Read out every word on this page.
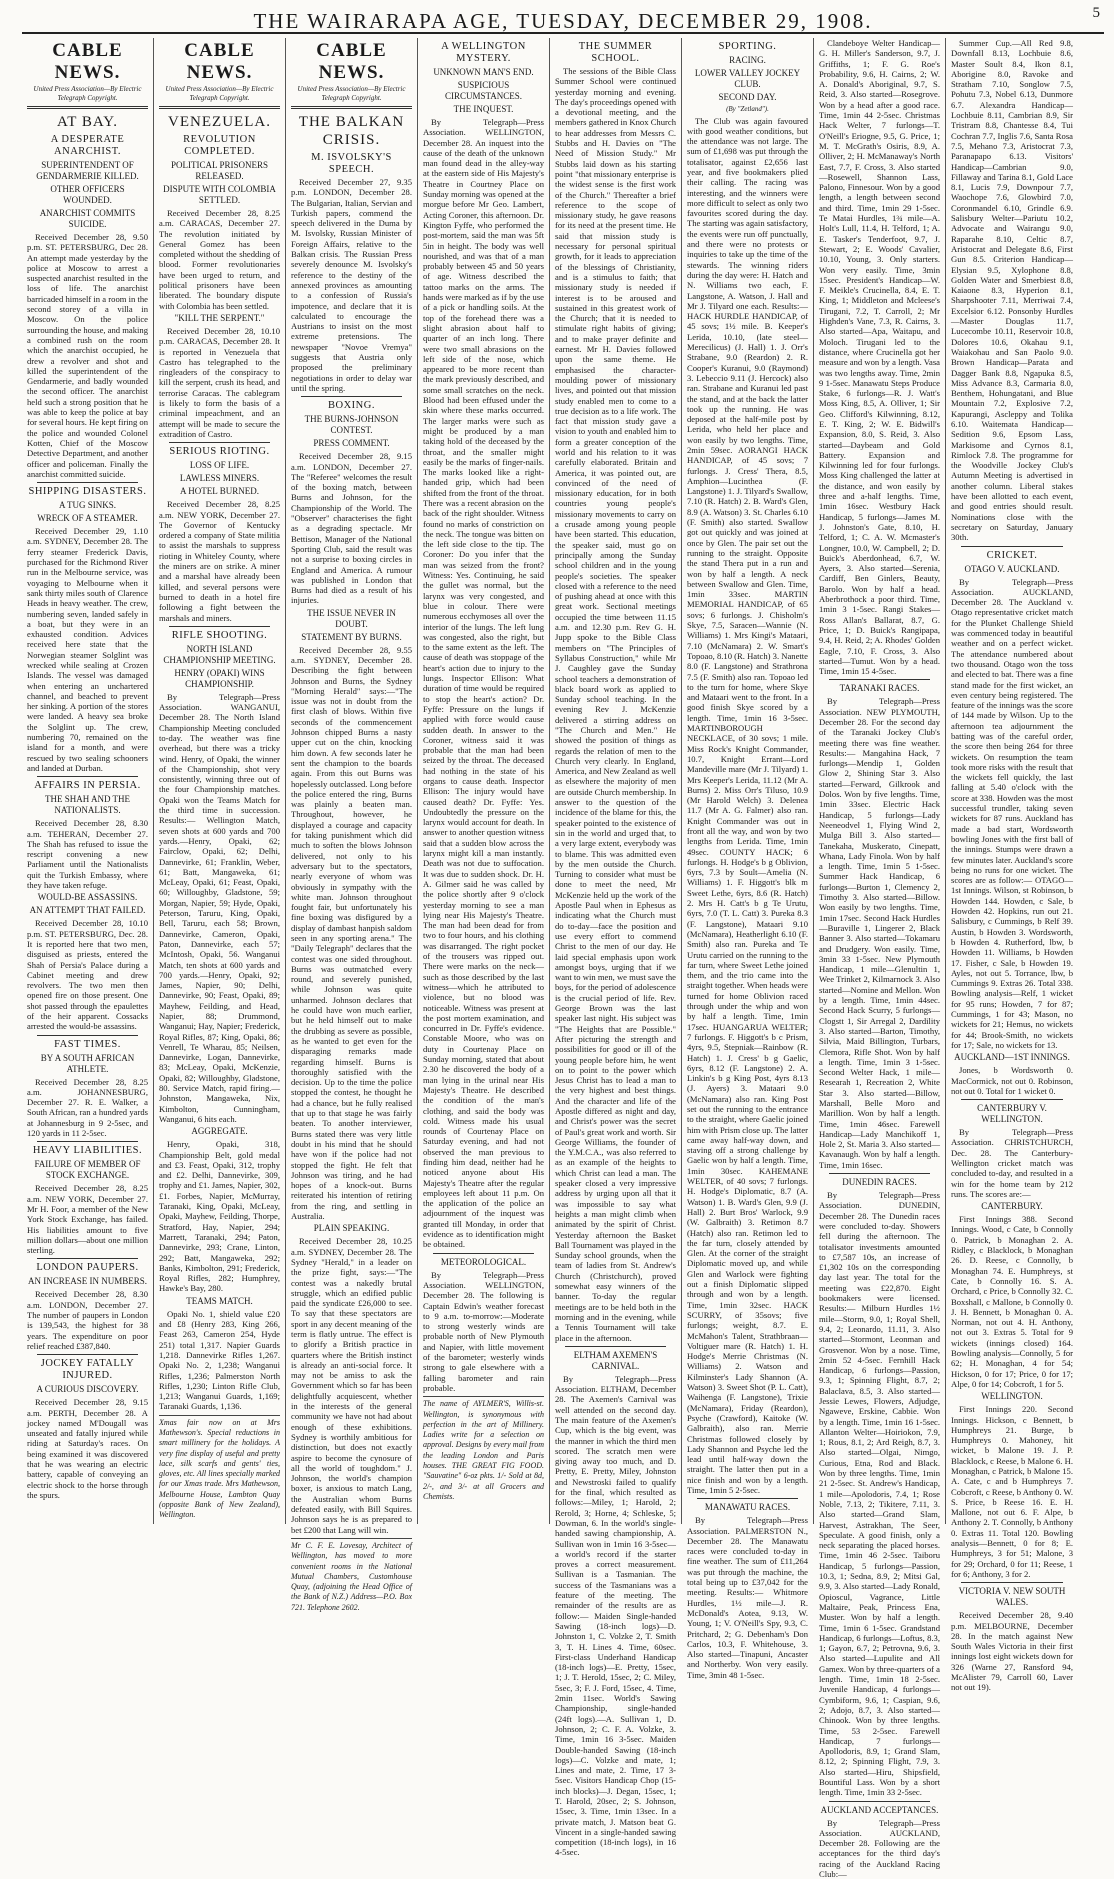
THE WAIRARAPA AGE, TUESDAY, DECEMBER 29, 1908.	5
CABLE NEWS.
United Press Association—By Electric Telegraph Copyright.
AT BAY.
A DESPERATE ANARCHIST.
SUPERINTENDENT OF GENDARMERIE KILLED.
OTHER OFFICERS WOUNDED.
ANARCHIST COMMITS SUICIDE.

Received December 28, 9.50 p.m. ST. PETERSBURG, Dec 28. An attempt made yesterday by the police at Moscow to arrest a suspected anarchist resulted in the loss of life. The anarchist barricaded himself in a room in the second storey of a villa in Moscow. On the police surrounding the house, and making a combined rush on the room which the anarchist occupied, he drew a revolver and shot and killed the superintendent of the Gendarmerie, and badly wounded the second officer. The anarchist held such a strong position that he was able to keep the police at bay for several hours. He kept firing on the police and wounded Colonel Kotten, Chief of the Moscow Detective Department, and another officer and policeman. Finally the anarchist committed suicide.

SHIPPING DISASTERS.
A TUG SINKS.
WRECK OF A STEAMER.

Received December 29, 1.10 a.m. SYDNEY, December 28. The ferry steamer Frederick Davis, purchased for the Richmond River run in the Melbourne service, was voyaging to Melbourne when it sank thirty miles south of Clarence Heads in heavy weather. The crew, numbering seven, landed safely in a boat, but they were in an exhausted condition. Advices received here state that the Norwegian steamer Solglint was wrecked while sealing at Crozen Islands. The vessel was damaged when entering an unchartered channel, and beached to prevent her sinking. A portion of the stores were landed. A heavy sea broke the Solglint up. The crew, numbering 70, remained on the island for a month, and were rescued by two sealing schooners and landed at Durban.

AFFAIRS IN PERSIA.
THE SHAH AND THE NATIONALISTS.

Received December 28, 8.30 a.m. TEHERAN, December 27. The Shah has refused to issue the rescript convening a new Parliament until the Nationalists quit the Turkish Embassy, where they have taken refuge.

WOULD-BE ASSASSINS.
AN ATTEMPT THAT FAILED.

Received December 28, 10.10 p.m. ST. PETERSBURG, Dec. 28. It is reported here that two men, disguised as priests, entered the Shah of Persia's Palace during a Cabinet meeting and drew revolvers. The two men then opened fire on those present. One shot passed through the epaulettes of the heir apparent. Cossacks arrested the would-be assassins.

FAST TIMES.
BY A SOUTH AFRICAN ATHLETE.

Received December 28, 8.25 a.m. JOHANNESBURG, December 27. R. E. Walker, a South African, ran a hundred yards at Johannesburg in 9 2-5sec, and 120 yards in 11 2-5sec.

HEAVY LIABILITIES.
FAILURE OF MEMBER OF STOCK EXCHANGE.

Received December 28, 8.25 a.m. NEW YORK, December 27. Mr H. Foor, a member of the New York Stock Exchange, has failed. His liabilities amount to five million dollars—about one million sterling.

LONDON PAUPERS.
AN INCREASE IN NUMBERS.

Received December 28, 8.30 a.m. LONDON, December 27. The number of paupers in London is 139,543, the highest for 38 years. The expenditure on poor relief reached £387,840.

JOCKEY FATALLY INJURED.
A CURIOUS DISCOVERY.

Received December 28, 9.15 a.m. PERTH, December 28. A jockey named M'Dougall was unseated and fatally injured while riding at Saturday's races. On being examined it was discovered that he was wearing an electric battery, capable of conveying an electric shock to the horse through the spurs.

CABLE NEWS.
United Press Association—By Electric Telegraph Copyright.
VENEZUELA.
REVOLUTION COMPLETED.
POLITICAL PRISONERS RELEASED.
DISPUTE WITH COLOMBIA SETTLED.

Received December 28, 8.25 a.m. CARACAS, December 27. The revolution initiated by General Gomez has been completed without the shedding of blood. Former revolutionaries have been urged to return, and political prisoners have been liberated. The boundary dispute with Colombia has been settled.

"KILL THE SERPENT."

Received December 28, 10.10 p.m. CARACAS, December 28. It is reported in Venezuela that Castro has telegraphed to the ringleaders of the conspiracy to kill the serpent, crush its head, and terrorise Caracas. The cablegram is likely to form the basis of a criminal impeachment, and an attempt will be made to secure the extradition of Castro.

SERIOUS RIOTING.
LOSS OF LIFE.
LAWLESS MINERS.
A HOTEL BURNED.

Received December 28, 8.25 a.m. NEW YORK, December 27. The Governor of Kentucky ordered a company of State militia to assist the marshals to suppress rioting in Whiteley County, where the miners are on strike. A miner and a marshal have already been killed, and several persons were burned to death in a hotel fire following a fight between the marshals and miners.

RIFLE SHOOTING.
NORTH ISLAND CHAMPIONSHIP MEETING.
HENRY (OPAKI) WINS CHAMPIONSHIP.

By Telegraph—Press Association. WANGANUI, December 28. The North Island Championship Meeting concluded to-day. The weather was fine overhead, but there was a tricky wind. Henry, of Opaki, the winner of the Championship, shot very consistently, winning three out of the four Championship matches. Opaki won the Teams Match for the third time in succession. Results:— Wellington Match, seven shots at 600 yards and 700 yards.—Henry, Opaki, 62; Fairclow, Opaki, 62; Delhi, Dannevirke, 61; Franklin, Weber, 61; Batt, Mangaweka, 61; McLeay, Opaki, 61; Feast, Opaki, 60; Willoughby, Gladstone, 59; Morgan, Napier, 59; Hyde, Opaki, Peterson, Taruru, King, Opaki, Bell, Taruru, each 58; Brown, Dannevirke, Cameron, Opaki, Paton, Dannevirke, each 57; McIntosh, Opaki, 56. Wanganui Match, ten shots at 600 yards and 700 yards.—Henry, Opaki, 92; James, Napier, 90; Delhi, Dannevirke, 90; Feast, Opaki, 89; Mayhew, Feilding, and Head, Napier, 88; Drummond, Wanganui; Hay, Napier; Frederick, Royal Rifles, 87; King, Opaki, 86; Venrell, Te Wharau, 85; Neilsen, Dannevirke, Logan, Dannevirke, 83; McLeay, Opaki, McKenzie, Opaki, 82; Willoughby, Gladstone, 80. Service Match, rapid firing.—Johnston, Mangaweka, Nix, Kimbolton, Cunningham, Wanganui, 6 hits each.

AGGREGATE.

Henry, Opaki, 318, Championship Belt, gold medal and £3. Feast, Opaki, 312, trophy and £2. Delhi, Dannevirke, 309, trophy and £1. James, Napier, 302, £1. Forbes, Napier, McMurray, Taranaki, King, Opaki, McLeay, Opaki, Mayhew, Feilding, Thorpe, Stratford, Hay, Napier, 294; Marrett, Taranaki, 294; Paton, Dannevirke, 293; Crane, Linton, 292; Batt, Mangaweka, 292; Banks, Kimbolton, 291; Frederick, Royal Rifles, 282; Humphrey, Hawke's Bay, 280.

TEAMS MATCH.

Opaki No. 1, shield value £20 and £8 (Henry 283, King 266, Feast 263, Cameron 254, Hyde 251) total 1,317. Napier Guards 1,218. Dannevirke Rifles 1,267. Opaki No. 2, 1,238; Wanganui Rifles, 1,236; Palmerston North Rifles, 1,230; Linton Rifle Club, 1,213; Wanganui Guards, 1,169; Taranaki Guards, 1,136.

Xmas fair now on at Mrs Mathewson's. Special reductions in smart millinery for the holidays. A very fine display of useful and pretty lace, silk scarfs and gents' ties, gloves, etc. All lines specially marked for our Xmas trade. Mrs Mathewson, Melbourne House, Lambton Quay (opposite Bank of New Zealand), Wellington.
CABLE NEWS.
United Press Association—By Electric Telegraph Copyright.
THE BALKAN CRISIS.
M. ISVOLSKY'S SPEECH.

Received December 27, 9.35 p.m. LONDON, December 28. The Bulgarian, Italian, Servian and Turkish papers, commend the speech delivered in the Duma by M. Isvolsky, Russian Minister of Foreign Affairs, relative to the Balkan crisis. The Russian Press severely denounce M. Isvolsky's reference to the destiny of the annexed provinces as amounting to a confession of Russia's impotence, and declare that it is calculated to encourage the Austrians to insist on the most extreme pretensions. The newspaper "Novoe Vremya" suggests that Austria only proposed the preliminary negotiations in order to delay war until the spring.

BOXING.
THE BURNS-JOHNSON CONTEST.
PRESS COMMENT.

Received December 28, 9.15 a.m. LONDON, December 27. The "Referee" welcomes the result of the boxing match, between Burns and Johnson, for the Championship of the World. The "Observer" characterises the fight as a degrading spectacle. Mr Bettison, Manager of the National Sporting Club, said the result was not a surprise to boxing circles in England and America. A rumour was published in London that Burns had died as a result of his injuries.

THE ISSUE NEVER IN DOUBT.
STATEMENT BY BURNS.

Received December 28, 9.55 a.m. SYDNEY, December 28. Describing the fight between Johnson and Burns, the Sydney "Morning Herald" says:—"The issue was not in doubt from the first clash of blows. Within five seconds of the commencement Johnson chipped Burns a nasty upper cut on the chin, knocking him down. A few seconds later he sent the champion to the boards again. From this out Burns was hopelessly outclassed. Long before the police entered the ring, Burns was plainly a beaten man. Throughout, however, he displayed a courage and capacity for taking punishment which did much to soften the blows Johnson delivered, not only to his adversary but to the spectators, nearly everyone of whom was obviously in sympathy with the white man. Johnson throughout fought fair, but unfortunately his fine boxing was disfigured by a display of dambast hanpish saldom seen in any sporting arena." The "Daily Telegraph" declares that the contest was one sided throughout. Burns was outmatched every round, and severely punished, while Johnson was quite unharmed. Johnson declares that he could have won much earlier, but he held himself out to make the drubbing as severe as possible, as he wanted to get even for the disparaging remarks made regarding himself. Burns is thoroughly satisfied with the decision. Up to the time the police stopped the contest, he thought he had a chance, but he fully realised that up to that stage he was fairly beaten. To another interviewer, Burns stated there was very little doubt in his mind that he should have won if the police had not stopped the fight. He felt that Johnson was tiring, and he had hopes of a knock-out. Burns reiterated his intention of retiring from the ring, and settling in Australia.

PLAIN SPEAKING.

Received December 28, 10.25 a.m. SYDNEY, December 28. The Sydney "Herald," in a leader on the prize fight, says:—"The contest was a nakedly brutal struggle, which an edified public paid the syndicate £26,000 to see. To say that these spectators are sport in any decent meaning of the term is flatly untrue. The effect is to glorify a British practice in quarters where the British instinct is already an anti-social force. It may not be amiss to ask the Government which so far has been delightfully acquiescent, whether in the interests of the general community we have not had about enough of these exhibitions. Sydney is worthily ambitious for distinction, but does not exactly aspire to become the cynosure of all the world of toughdom." J. Johnson, the world's champion boxer, is anxious to match Lang, the Australian whom Burns defeated easily, with Bill Squires. Johnson says he is as prepared to bet £200 that Lang will win.

Mr C. F. E. Lovesay, Architect of Wellington, has moved to more convenient rooms in the National Mutual Chambers, Customhouse Quay, (adjoining the Head Office of the Bank of N.Z.) Address—P.O. Box 721. Telephone 2602.
A WELLINGTON MYSTERY.
UNKNOWN MAN'S END.
SUSPICIOUS CIRCUMSTANCES.
THE INQUEST.

By Telegraph—Press Association. WELLINGTON, December 28. An inquest into the cause of the death of the unknown man found dead in the alley-way at the eastern side of His Majesty's Theatre in Courtney Place on Sunday morning was opened at the morgue before Mr Geo. Lambert, Acting Coroner, this afternoon. Dr. Kington Fyffe, who performed the post-mortem, said the man was 5ft 5in in height. The body was well nourished, and was that of a man probably between 45 and 50 years of age. Witness described the tattoo marks on the arms. The hands were marked as if by the use of a pick or handling soils. At the top of the forehead there was a slight abrasion about half to quarter of an inch long. There were two small abrasions on the left side of the nose, which appeared to be more recent than the mark previously described, and some small scratches on the neck. Blood had been effused under the skin where these marks occurred. The larger marks were such as might be produced by a man taking hold of the deceased by the throat, and the smaller might easily be the marks of finger-nails. The marks looked like a right-handed grip, which had been shifted from the front of the throat. There was a recent abrasion on the back of the right shoulder. Witness found no marks of constriction on the neck. The tongue was bitten on the left side close to the tip. The Coroner: Do you infer that the man was seized from the front? Witness: Yes. Continuing, he said the gullet was normal, but the larynx was very congested, and blue in colour. There were numerous ecchymoses all over the interior of the lungs. The left lung was congested, also the right, but to the same extent as the left. The cause of death was stoppage of the heart's action due to injury to the lungs. Inspector Ellison: What duration of time would be required to stop the heart's action? Dr. Fyffe: Pressure on the lungs if applied with force would cause sudden death. In answer to the Coroner, witness said it was probable that the man had been seized by the throat. The deceased had nothing in the state of his organs to cause death. Inspector Ellison: The injury would have caused death? Dr. Fyffe: Yes. Undoubtedly the pressure on the larynx would account for death. In answer to another question witness said that a sudden blow across the larynx might kill a man instantly. Death was not due to suffocation. It was due to sudden shock. Dr. H. A. Gilmer said he was called by the police shortly after 9 o'clock yesterday morning to see a man lying near His Majesty's Theatre. The man had been dead for from two to four hours, and his clothing was disarranged. The right pocket of the trousers was ripped out. There were marks on the neck—such as those described by the last witness—which he attributed to violence, but no blood was noticeable. Witness was present at the post mortem examination, and concurred in Dr. Fyffe's evidence. Constable Moore, who was on duty in Courtenay Place on Sunday morning, stated that about 2.30 he discovered the body of a man lying in the urinal near His Majesty's Theatre. He described the condition of the man's clothing, and said the body was cold. Witness made his usual rounds of Courtenay Place on Saturday evening, and had not observed the man previous to finding him dead, neither had he noticed anyone about His Majesty's Theatre after the regular employees left about 11 p.m. On the application of the police an adjournment of the inquest was granted till Monday, in order that evidence as to identification might be obtained.

METEOROLOGICAL.

By Telegraph—Press Association. WELLINGTON, December 28. The following is Captain Edwin's weather forecast to 9 a.m. to-morrow:—Moderate to strong westerly winds are probable north of New Plymouth and Napier, with little movement of the barometer; westerly winds strong to gale elsewhere with a falling barometer and rain probable.

The name of AYLMER'S, Willis-st. Wellington, is synonymous with perfection in the art of Millinery. Ladies write for a selection on approval. Designs by every mail from the leading London and Paris houses. THE GREAT FIG FOOD. "Sauvatine" 6-oz pkts. 1/- Sold at 8d, 2/-, and 3/- at all Grocers and Chemists.
THE SUMMER SCHOOL.

The sessions of the Bible Class Summer School were continued yesterday morning and evening. The day's proceedings opened with a devotional meeting, and the members gathered in Knox Church to hear addresses from Messrs C. Stubbs and H. Davies on "The Need of Mission Study." Mr Stubbs laid down as his starting point "that missionary enterprise is the widest sense is the first work of the Church." Thereafter a brief reference to the scope of missionary study, he gave reasons for its need at the present time. He said that mission study is necessary for personal spiritual growth, for it leads to appreciation of the blessings of Christianity, and is a stimulus to faith; that missionary study is needed if interest is to be aroused and sustained in this greatest work of the Church; that it is needed to stimulate right habits of giving; and to make prayer definite and earnest. Mr H. Davies followed upon the same theme. He emphasised the character-moulding power of missionary lives, and pointed out that mission study enabled men to come to a true decision as to a life work. The fact that mission study gave a vision to youth and enabled him to form a greater conception of the world and his relation to it was carefully elaborated. Britain and America, it was pointed out, are convinced of the need of missionary education, for in both countries young people's missionary movements to carry on a crusade among young people have been started. This education, the speaker said, must go on principally among the Sunday school children and in the young people's societies. The speaker closed with a reference to the need of pushing ahead at once with this great work. Sectional meetings occupied the time between 11.15 a.m. and 12.30 p.m. Rev G. H. Jupp spoke to the Bible Class members on "The Principles of Syllabus Construction," while Mr J. Caughley gave the Sunday school teachers a demonstration of black board work as applied to Sunday school teaching. In the evening Rev J. McKenzie delivered a stirring address on "The Church and Men." He showed the position of things as regards the relation of men to the Church very clearly. In England, America, and New Zealand as well as elsewhere the majority of men are outside Church membership. In answer to the question of the incidence of the blame for this, the speaker pointed to the existence of sin in the world and urged that, to a very large extent, everybody was to blame. This was admitted even by the men outside the Church. Turning to consider what must be done to meet the need, Mr McKenzie held up the work of the Apostle Paul when in Ephesus as indicating what the Church must do to-day—face the position and use every effort to commend Christ to the men of our day. He laid special emphasis upon work amongst boys, urging that if we want to win men, we must save the boys, for the period of adolescence is the crucial period of life. Rev. George Brown was the last speaker last night. His subject was "The Heights that are Possible." After picturing the strength and possibilities for good or ill of the young people before him, he went on to point to the power which Jesus Christ has to lead a man to the very highest and best things. And the character and life of the Apostle differed as night and day, and Christ's power was the secret of Paul's great work and worth. Sir George Williams, the founder of the Y.M.C.A., was also referred to as an example of the heights to which Christ can lead a man. The speaker closed a very impressive address by urging upon all that it was impossible to say what heights a man might climb when animated by the spirit of Christ. Yesterday afternoon the Basket Ball Tournament was played in the Sunday school grounds, when the team of ladies from St. Andrew's Church (Christchurch), proved somewhat easy winners of the banner. To-day the regular meetings are to be held both in the morning and in the evening, while a Tennis Tournament will take place in the afternoon.

ELTHAM AXEMEN'S CARNIVAL.

By Telegraph—Press Association. ELTHAM, December 28. The Axemen's Carnival was well attended on the second day. The main feature of the Axemen's Cup, which is the big event, was the manner in which the third men scored. The scratch men were giving away too much, and D. Pretty, E. Pretty, Miley, Johnston and Newstroski failed to qualify for the final, which resulted as follows:—Miley, 1; Harold, 2; Rerold, 3; Horne, 4; Schleske, 5; Dowman, 6. In the world's single-handed sawing championship, A. Sullivan won in 1min 16 3-5sec—a world's record if the starter proves a correct measurement. Sullivan is a Tasmanian. The success of the Tasmanians was a feature of the meeting. The remainder of the results are as follow:— Maiden Single-handed Sawing (18-inch logs)—D. Johnston 1, C. Volzke 2, T. Smith 3, T. H. Lines 4. Time, 60sec. First-class Underhand Handicap (18-inch logs)—E. Pretty, 15sec, 1; J. T. Herold, 15sec, 2; C. Miley, 5sec, 3; F. J. Ford, 15sec, 4. Time, 2min 11sec. World's Sawing Championship, single-handed (24ft logs).—A. Sullivan 1, D. Johnson, 2; C. F. A. Volzke, 3. Time, 1min 16 3-5sec. Maiden Double-handed Sawing (18-inch logs)—C. Volzke and mate, 1; Lines and mate, 2. Time, 17 3-5sec. Visitors Handicap Chop (15-inch blocks)—J. Degan, 15sec, 1; T. Harold, 20sec, 2; S. Johnson, 15sec, 3. Time, 1min 13sec. In a private match, J. Matson beat G. Vincent in a single-handed sawing competition (18-inch logs), in 16 4-5sec.

SPORTING.
RACING.
LOWER VALLEY JOCKEY CLUB.
SECOND DAY.
(By "Zetland").

The Club was again favoured with good weather conditions, but the attendance was not large. The sum of £1,698 was put through the totalisator, against £2,656 last year, and five bookmakers plied their calling. The racing was interesting, and the winners were more difficult to select as only two favourites scored during the day. The starting was again satisfactory, the events were run off punctually, and there were no protests or inquiries to take up the time of the stewards. The winning riders during the day were: H. Hatch and N. Williams two each, F. Langstone, A. Watson, J. Hall and Mr J. Tilyard one each. Results:— HACK HURDLE HANDICAP, of 45 sovs; 1½ mile. B. Keeper's Lerida, 10.10, (late steel—Merecilicus) (J. Hall) 1. J. Orr's Strabane, 9.0 (Reardon) 2. R. Cooper's Kuranui, 9.0 (Raymond) 3. Lebeccio 9.11 (J. Hercock) also ran. Strabane and Kuranui led past the stand, and at the back the latter took up the running. He was deposed at the half-mile post by Lerida, who held her place and won easily by two lengths. Time, 2min 59sec. AORANGI HACK HANDICAP, of 45 sovs; 7 furlongs. J. Cress' Thera, 8.5, Amphion—Lucinthea (F. Langstone) 1. J. Tilyard's Swallow, 7.10 (R. Hatch) 2. B. Ward's Glen, 8.9 (A. Watson) 3. St. Charles 6.10 (F. Smith) also started. Swallow got out quickly and was joined at once by Glen. The pair set out the running to the straight. Opposite the stand Thera put in a run and won by half a length. A neck between Swallow and Glen. Time, 1min 33sec. MARTIN MEMORIAL HANDICAP, of 65 sovs; 6 furlongs. J. Chisholm's Skye, 7.5, Saracen—Wannie (N. Williams) 1. Mrs Kingi's Mataari, 7.10 (McNamara) 2. W. Smart's Topoao, 8.10 (R. Hatch) 3. Nanette 8.0 (F. Langstone) and Strathrona 7.5 (F. Smith) also ran. Topoao led to the turn for home, where Skye and Mataari went to the front. In a good finish Skye scored by a length. Time, 1min 16 3-5sec. MARTINBOROUGH NECKLACE, of 30 sovs; 1 mile. Miss Rock's Knight Commander, 10.7, Knight Errant—Lord Mandeville mare (Mr J. Tilyard) 1. Mrs Keeper's Lerida, 11.12 (Mr A. Burns) 2. Miss Orr's Tiluso, 10.9 (Mr Harold Welch) 3. Delenea 11.7 (Mr A. G. Falmer) also ran. Knight Commander was out in front all the way, and won by two lengths from Lerida. Time, 1min 49sec. COUNTY HACK; 6 furlongs. H. Hodge's b g Oblivion, 6yrs, 7.3 by Soult—Amelia (N. Williams) 1. F. Higgott's blk m Sweet Lethe, 6yrs, 8.6 (R. Hatch) 2. Mrs H. Catt's b g Te Urutu, 6yrs, 7.0 (T. L. Catt) 3. Pureka 8.3 (F. Langstone), Mataari 9.10 (McNamara), Heatherlight 6.10 (F. Smith) also ran. Pureka and Te Urutu carried on the running to the far turn, where Sweet Lethe joined them, and the trio came into the straight together. When heads were turned for home Oblivion raced through under the whip and won by half a length. Time, 1min 17sec. HUANGARUA WELTER; 7 furlongs. F. Higgott's b c Prism, 4yrs, 9.5, Stepniak—Rainbow (R. Hatch) 1. J. Cress' b g Gaelic, 6yrs, 8.12 (F. Langstone) 2. A. Linkin's b g King Post, 4yrs 8.13 (J. Ayers) 3. Mataari 9.0 (McNamara) also ran. King Post set out the running to the entrance to the straight, where Gaelic joined him with Prism close up. The latter came away half-way down, and staving off a strong challenge by Gaelic won by half a length. Time, 1min 30sec. KAHEMANE WELTER, of 40 sovs; 7 furlongs. H. Hodge's Diplomatic, 8.7 (A. Watson) 1. B. Ward's Glen, 9.9 (J. Hall) 2. Burt Bros' Warlock, 9.9 (W. Galbraith) 3. Retimon 8.7 (Hatch) also ran. Retimon led to the far turn, closely attended by Glen. At the corner of the straight Diplomatic moved up, and while Glen and Warlock were fighting out a finish Diplomatic slipped through and won by a length. Time, 1min 32sec. HACK SCURRY, of 35sovs; five furlongs; weight, 8.7. E. McMahon's Talent, Strathbraan—Voltiguer mare (R. Hatch) 1. H. Hodge's Merrie Christmas (N. Williams) 2. Watson and Kilminster's Lady Shannon (A. Watson) 3. Sweet Shot (P. L. Catt), Waihenga (F. Langstone), Trixie (McNamara), Friday (Reardon), Psyche (Crawford), Kaitoke (W. Galbraith), also ran. Merrie Christmas followed closely by Lady Shannon and Psyche led the lead until half-way down the straight. The latter then put in a nice finish and won by a length. Time, 1min 5 2-5sec.

MANAWATU RACES.

By Telegraph—Press Association. PALMERSTON N., December 28. The Manawatu races were concluded to-day in fine weather. The sum of £11,264 was put through the machine, the total being up to £37,042 for the meeting. Results:— Whitmore Hurdles, 1½ mile—J. R. McDonald's Aotea, 9.13, W. Young, 1; V. O'Neill's Spy, 9.3, C. Pritchard, 2; G. Debenham's Don Carlos, 10.3, F. Whitehouse, 3. Also started—Tinapuni, Ancaster and Northerby. Won very easily. Time, 3min 48 1-5sec.

Clandeboye Welter Handicap—G. H. Miller's Sanderson, 9.7, J. Griffiths, 1; F. G. Roe's Probability, 9.6, H. Cairns, 2; W. A. Donald's Aboriginal, 9.7, S. Reid, 3. Also started—Rosegrove. Won by a head after a good race. Time, 1min 44 2-5sec. Christmas Hack Welter, 7 furlongs—T. O'Neill's Eriogne, 9.5, G. Price, 1; M. T. McGrath's Osiris, 8.9, A. Olliver, 2; H. McManaway's North East, 7.7, F. Cross, 3. Also started—Rosewell, Shannon Lass, Palono, Finnesour. Won by a good length, a length between second and third. Time, 1min 29 1-5sec. Te Matai Hurdles, 1¾ mile—A. Holt's Lull, 11.4, H. Telford, 1; A. E. Tasker's Tenderfoot, 9.7, J. Stewart, 2; E. Woods' Cavalier, 10.10, Young, 3. Only starters. Won very easily. Time, 3min 15sec. President's Handicap—W. F. Meikle's Crucinella, 8.4, E. T. King, 1; Middleton and Mcleese's Tirugani, 7.2, T. Carroll, 2; Mr Highden's Vane, 7.3, R. Cairns, 3. Also started—Apa, Waitapu, and Moloch. Tirugani led to the distance, where Crucinella got her measure and won by a length. Vasa was two lengths away. Time, 2min 9 1-5sec. Manawatu Steps Produce Stake, 6 furlongs—R. J. Watt's Moss King, 8.5, A. Olliver, 1; Sir Geo. Clifford's Kilwinning, 8.12, E. T. King, 2; W. E. Bidwill's Expansion, 8.0, S. Reid, 3. Also started—Daybeam and Gold Battery. Expansion and Kilwinning led for four furlongs. Moss King challenged the latter at the distance, and won easily by three and a-half lengths. Time, 1min 16sec. Westbury Hack Handicap, 5 furlongs—James M. J. Johnston's Gate, 8.10, H. Telford, 1; C. A. W. Mcmaster's Longner, 10.0, W. Campbell, 2; D. Buick's Aberdonhead, 6.7, W. Ayers, 3. Also started—Serenia, Cardiff, Ben Ginlers, Beauty, Barolo. Won by half a head. Aberbrothock a poor third. Time, 1min 3 1-5sec. Rangi Stakes—Ross Allan's Ballarat, 8.7, G. Price, 1; D. Buick's Rangipapa, 9.4, H. Reid, 2; A. Rhodes' Golden Eagle, 7.10, F. Cross, 3. Also started—Tumut. Won by a head. Time, 1min 15 4-5sec.

TARANAKI RACES.

By Telegraph—Press Association. NEW PLYMOUTH, December 28. For the second day of the Taranaki Jockey Club's meeting there was fine weather. Results:— Mangahina Hack, 7 furlongs—Mendip 1, Golden Glow 2, Shining Star 3. Also started—Ferward, Gilkrook and Dolos. Won by five lengths. Time, 1min 33sec. Electric Hack Handicap, 5 furlongs—Lady Neeneodvel 1, Flying Wind 2, Mulga Bill 3. Also started—Tanekaha, Muskerato, Cinepatt, Whana, Lady Finola. Won by half a length. Time, 1min 5 1-5sec. Summer Hack Handicap, 6 furlongs—Burton 1, Clemency 2, Timothy 3. Also started—Billow. Won easily by two lengths. Time, 1min 17sec. Second Hack Hurdles—Buraville 1, Lingerer 2, Black Banner 3. Also started—Tokamaru and Drudgery. Won easily. Time, 3min 33 1-5sec. New Plymouth Handicap, 1 mile—Glenultin 1, Wee Trinket 2, Kilmarnock 3. Also started—Nomine and Mellon. Won by a length. Time, 1min 44sec. Second Hack Scurry, 5 furlongs—Clogstt 1, Sir Arregal 2, Dardility 3. Also started—Barton, Timothy, Silvia, Maid Billington, Turbars, Clemora, Rifle Shot. Won by half a length. Time, 1min 3 1-5sec. Second Welter Hack, 1 mile—Researah 1, Recreation 2, White Star 3. Also started—Billow, Marshall, Belle Moro and Marillion. Won by half a length. Time, 1min 46sec. Farewell Handicap—Lady Manchikoff 1, Hole 2, St. Maria 3. Also started—Kavanaugh. Won by half a length. Time, 1min 16sec.

DUNEDIN RACES.

By Telegraph—Press Association. DUNEDIN, December 28. The Dunedin races were concluded to-day. Showers fell during the afternoon. The totalisator investments amounted to £7,587 10s, an increase of £1,302 10s on the corresponding day last year. The total for the meeting was £22,870. Eight bookmakers were licensed. Results:— Milburn Hurdles 1½ mile—Storm, 9.0, 1; Royal Shell, 9.4, 2; Leonardo, 11.11, 3. Also started—Stormont, Leonman and Grosvenor. Won by a nose. Time, 2min 52 4-5sec. Fernhill Hack Handicap, 6 furlongs—Passion, 9.3, 1; Spinning Flight, 8.7, 2; Balaclava, 8.5, 3. Also started—Jessie Lewes, Flowers, Adjudge, Ngaweve, Erskine, Cabbie. Won by a length. Time, 1min 16 1-5sec. Allanton Welter—Hoiriokon, 7.9, 1; Rous, 8.1, 2; Ard Reigh, 8.7, 3. Also started—Olgai, Nimgo, Curious, Etna, Rod and Black. Won by three lengths. Time, 1min 21 2-5sec. St. Andrew's Handicap, 1 mile—Apolodoris, 7.4, 1; Rose Noble, 7.13, 2; Tikitere, 7.11, 3. Also started—Grand Slam, Harvest, Astrakhan, The Seer, Speculate. A good finish, only a neck separating the placed horses. Time, 1min 46 2-5sec. Taiboru Handicap, 5 furlongs—Passion, 10.3, 1; Sedna, 8.9, 2; Mitsi Gal, 9.9, 3. Also started—Lady Ronald, Opioscul, Vagrance, Little Maltaire, Peak, Princess Ena, Muster. Won by half a length. Time, 1min 6 1-5sec. Grandstand Handicap, 6 furlongs—Loftus, 8.3, 1; Gayon, 6.7, 2; Petrovna, 9.6, 3. Also started—Lupulite and All Gamex. Won by three-quarters of a length. Time, 1min 18 2-5sec. Juvenile Handicap, 4 furlongs—Cymbiform, 9.6, 1; Caspian, 9.6, 2; Adojo, 8.7, 3. Also started—Chinook. Won by three lengths. Time, 53 2-5sec. Farewell Handicap, 7 furlongs—Apollodoris, 8.9, 1; Grand Slam, 8.12, 2; Spinning Flight, 7.9, 3. Also started—Hiru, Shipsfield, Bountiful Lass. Won by a short length. Time, 1min 33 2-5sec.

AUCKLAND ACCEPTANCES.

By Telegraph—Press Association. AUCKLAND, December 28. Following are the acceptances for the third day's racing of the Auckland Racing Club:—

Summer Cup.—All Red 9.8, Downfall 8.13, Lochbuie 8.6, Master Soult 8.4, Ikon 8.1, Aborigine 8.0, Ravoke and Stratham 7.10, Songlow 7.5, Pohutu 7.3, Nobel 6.13, Dunmore 6.7. Alexandra Handicap—Lochbuie 8.11, Cambrian 8.9, Sir Tristram 8.8, Chantesse 8.4, Tui Cochran 7.7, Inglis 7.6, Santa Rosa 7.5, Mehano 7.3, Aristocrat 7.3, Paranapapo 6.13. Visitors' Handicap—Cambrian 9.0, Fillaway and Tarina 8.1, Gold Lace 8.1, Lucis 7.9, Downpour 7.7, Waochope 7.6, Glowbird 7.0, Coronmandel 6.10, Grindle 6.9. Salisbury Welter—Pariutu 10.2, Advocate and Wairangu 9.0, Raparahe 8.10, Celtic 8.7, Aristocrat and Delegate 8.6, First Gun 8.5. Criterion Handicap—Elysian 9.5, Xylophone 8.8, Golden Water and Smerbiest 8.8, Kaiaone 8.3, Hyperion 8.1, Sharpshooter 7.11, Merriwai 7.4, Excelsior 6.12. Ponsonby Hurdles—Master Douglas 11.7, Lucecombe 10.11, Reservoir 10.8, Dolores 10.6, Okahau 9.1, Waiakohau and San Paolo 9.0. Brown Handicap—Parata and Dagger Bank 8.8, Ngapuka 8.5, Miss Advance 8.3, Carmaria 8.0, Benthem, Hohungatani, and Blue Mountain 7.2, Explosive 7.2, Kapurangi, Ascleppy and Tolika 6.10. Waitemata Handicap—Sedition 9.6, Epsom Lass, Markisome and Cyrnos 8.1, Rimlock 7.8. The programme for the Woodville Jockey Club's Autumn Meeting is advertised in another column. Liberal stakes have been allotted to each event, and good entries should result. Nominations close with the secretary on Saturday, January 30th.

CRICKET.
OTAGO V. AUCKLAND.

By Telegraph—Press Association. AUCKLAND, December 28. The Auckland v. Otago representative cricket match for the Plunket Challenge Shield was commenced today in beautiful weather and on a perfect wicket. The attendance numbered about two thousand. Otago won the toss and elected to bat. There was a fine stand made for the first wicket, an even century being registered. The feature of the innings was the score of 144 made by Wilson. Up to the afternoon tea adjournment the batting was of the careful order, the score then being 264 for three wickets. On resumption the team took more risks with the result that the wickets fell quickly, the last falling at 5.40 o'clock with the score at 338. Howden was the most successful trundler, taking seven wickets for 87 runs. Auckland has made a bad start, Wordsworth bowling Jones with the first ball of the innings. Stumps were drawn a few minutes later. Auckland's score being no runs for one wicket. The scores are as follow:— OTAGO—1st Innings. Wilson, st Robinson, b Howden 144. Howden, c Sale, b Howden 42. Hopkins, run out 21. Salisbury, c Cummings, b Relf 39. Austin, b Howden 3. Wordsworth, b Howden 4. Rutherford, lbw, b Howden 11. Williams, b Howden 17. Fisher, c Sale, b Howden 19. Ayles, not out 5. Torrance, lbw, b Cummings 9. Extras 26. Total 338. Bowling analysis—Relf, 1 wicket for 95 runs; Howden, 7 for 87; Cummings, 1 for 43; Mason, no wickets for 21; Hemus, no wickets for 44; Brook-Smith, no wickets for 17; Sale, no wickets for 13.

AUCKLAND—1ST INNINGS.

Jones, b Wordsworth 0. MacCormick, not out 0. Robinson, not out 0. Total for 1 wicket 0.

CANTERBURY V. WELLINGTON.

By Telegraph—Press Association. CHRISTCHURCH, Dec. 28. The Canterbury-Wellington cricket match was concluded to-day, and resulted in a win for the home team by 212 runs. The scores are:—

CANTERBURY.

First Innings 388. Second Innings. Wood, c Cate, b Connolly 0. Patrick, b Monaghan 2. A. Ridley, c Blacklock, b Monaghan 26. D. Reese, c Connolly, b Monaghan 74. E. Humphreys, st Cate, b Connolly 16. S. A. Orchard, c Price, b Connolly 32. C. Boxshall, c Mallone, b Connolly 0. J. H. Bennett, b Monaghan 0. A. Norman, not out 4. H. Anthony, not out 3. Extras 5. Total for 9 wickets (innings closed) 164. Bowling analysis—Connolly, 5 for 62; H. Monaghan, 4 for 54; Hickson, 0 for 17; Price, 0 for 17; Alpe, 0 for 14; Cobcroft, 1 for 5.

WELLINGTON.

First Innings 220. Second Innings. Hickson, c Bennett, b Humphreys 21. Burge, b Humphreys 0. Mahoney, hit wicket, b Malone 19. J. P. Blacklock, c Reese, b Malone 6. H. Monaghan, c Patrick, b Malone 15. A. Cate, c and b Humphreys 7. Cobcroft, c Reese, b Anthony 0. W. S. Price, b Reese 16. E. H. Mallone, not out 6. F. Alpe, b Anthony 2. T. Connolly, b Anthony 0. Extras 11. Total 120. Bowling analysis—Bennett, 0 for 8; E. Humphreys, 3 for 51; Malone, 3 for 29; Orchard, 0 for 11; Reese, 1 for 6; Anthony, 3 for 2.

VICTORIA V. NEW SOUTH WALES.

Received December 28, 9.40 p.m. MELBOURNE, December 28. In the match against New South Wales Victoria in their first innings lost eight wickets down for 326 (Warne 27, Ransford 94, McAlister 79, Carroll 60, Laver not out 19).
